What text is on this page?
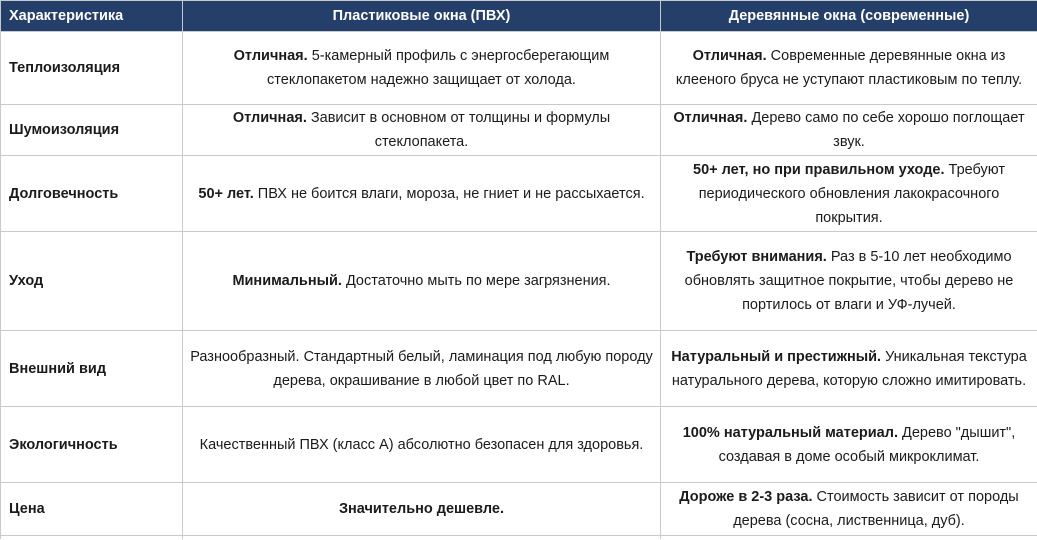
Характеристика	Пластиковые окна (ПВХ)	Деревянные окна (современные)
Теплоизоляция	Отличная. 5-камерный профиль с энергосберегающим стеклопакетом надежно защищает от холода.	Отличная. Современные деревянные окна из клееного бруса не уступают пластиковым по теплу.
Шумоизоляция	Отличная. Зависит в основном от толщины и формулы стеклопакета.	Отличная. Дерево само по себе хорошо поглощает звук.
Долговечность	50+ лет. ПВХ не боится влаги, мороза, не гниет и не рассыхается.	50+ лет, но при правильном уходе. Требуют периодического обновления лакокрасочного покрытия.
Уход	Минимальный. Достаточно мыть по мере загрязнения.	Требуют внимания. Раз в 5-10 лет необходимо обновлять защитное покрытие, чтобы дерево не портилось от влаги и УФ-лучей.
Внешний вид	Разнообразный. Стандартный белый, ламинация под любую породу дерева, окрашивание в любой цвет по RAL.	Натуральный и престижный. Уникальная текстура натурального дерева, которую сложно имитировать.
Экологичность	Качественный ПВХ (класс А) абсолютно безопасен для здоровья.	100% натуральный материал. Дерево "дышит", создавая в доме особый микроклимат.
Цена	Значительно дешевле.	Дороже в 2-3 раза. Стоимость зависит от породы дерева (сосна, лиственница, дуб).
